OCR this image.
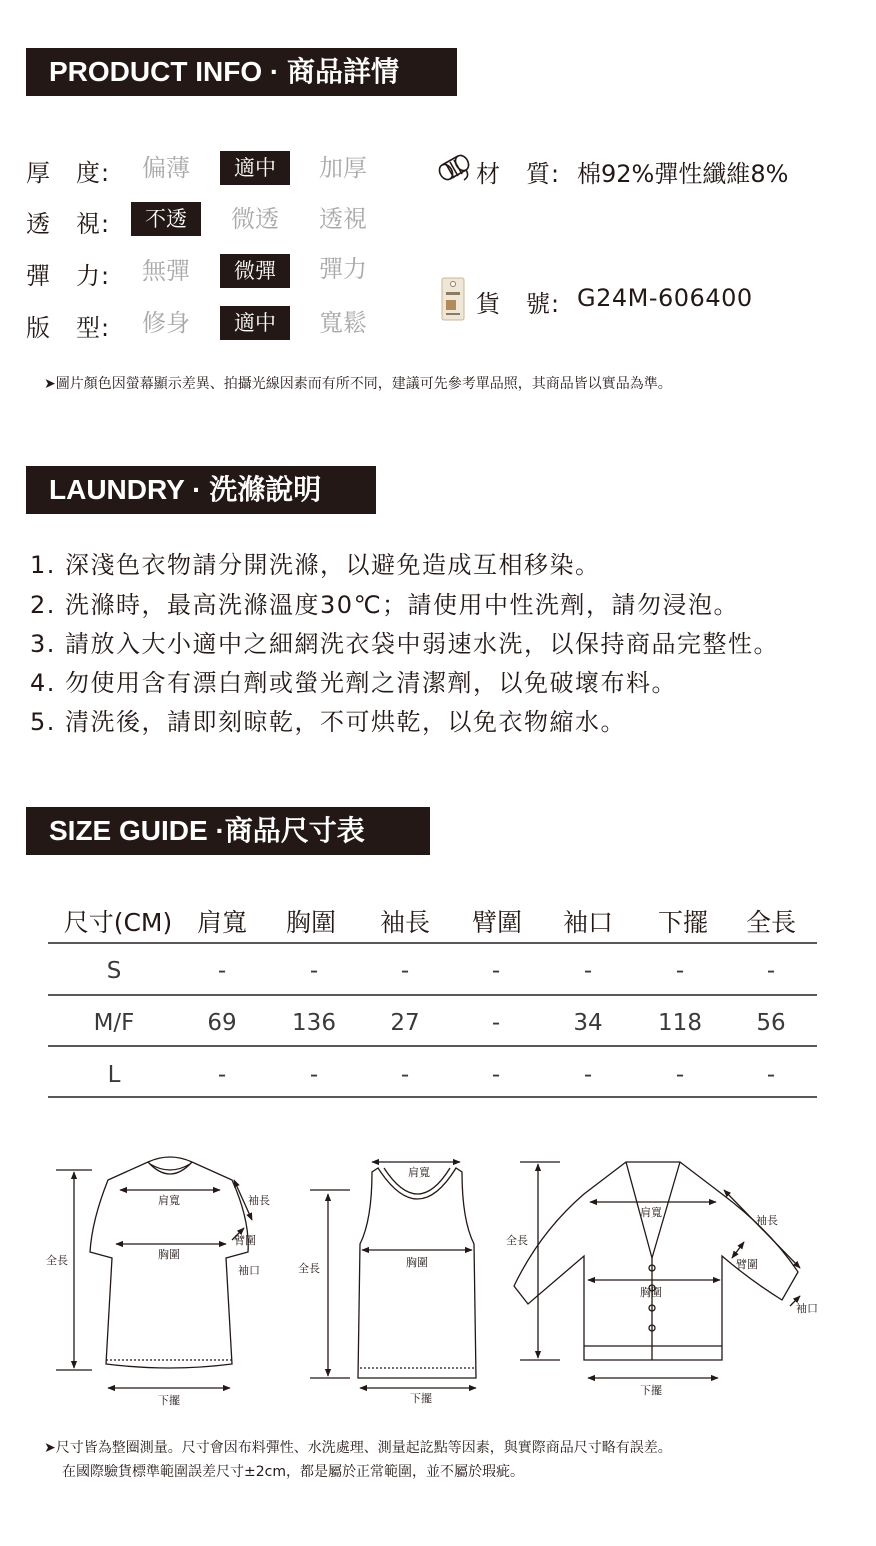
PRODUCT INFO · 商品詳情
厚　度:	偏薄	適中	加厚
透　視:	不透	微透	透視
彈　力:	無彈	微彈	彈力
版　型:	修身	適中	寬鬆
材　質: 棉92%彈性纖維8%
貨　號: G24M-606400
➤圖片顏色因螢幕顯示差異、拍攝光線因素而有所不同，建議可先參考單品照，其商品皆以實品為準。
LAUNDRY · 洗滌說明
1. 深淺色衣物請分開洗滌，以避免造成互相移染。
2. 洗滌時，最高洗滌溫度30℃；請使用中性洗劑，請勿浸泡。
3. 請放入大小適中之細網洗衣袋中弱速水洗，以保持商品完整性。
4. 勿使用含有漂白劑或螢光劑之清潔劑，以免破壞布料。
5. 清洗後，請即刻晾乾，不可烘乾，以免衣物縮水。
SIZE GUIDE ·商品尺寸表
尺寸(CM) 肩寬	胸圍	袖長	臂圍	袖口	下擺	全長
S	-	-	-	-	-	-	-
M/F	69	136	27	-	34	118	56
L	-	-	-	-	-	-	-
肩寬
胸圍
袖長
臂圍
袖口
全長
下擺
肩寬
胸圍
全長
下擺
肩寬
胸圍
袖長
臂圍
袖口
全長
下擺
➤尺寸皆為整圈測量。尺寸會因布料彈性、水洗處理、測量起訖點等因素，與實際商品尺寸略有誤差。
在國際驗貨標準範圍誤差尺寸±2cm，都是屬於正常範圍，並不屬於瑕疵。
